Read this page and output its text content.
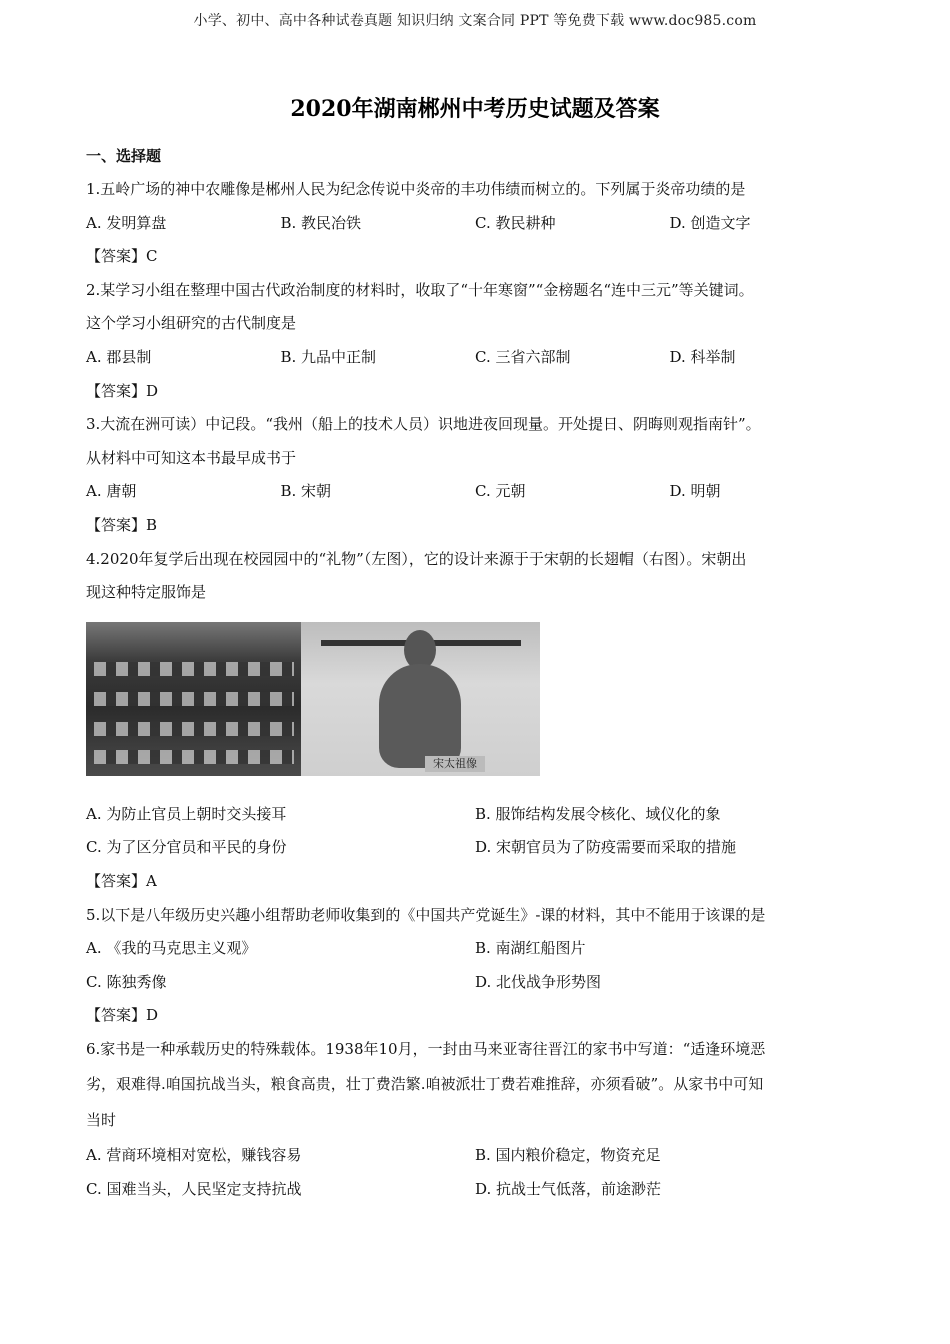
小学、初中、高中各种试卷真题 知识归纳 文案合同 PPT 等免费下载 www.doc985.com
2020年湖南郴州中考历史试题及答案
一、选择题
1.五岭广场的神中农雕像是郴州人民为纪念传说中炎帝的丰功伟绩而树立的。下列属于炎帝功绩的是
A. 发明算盘	B. 教民冶铁	C. 教民耕种	D. 创造文字
【答案】C
2.某学习小组在整理中国古代政治制度的材料时，收取了“十年寒窗”“金榜题名“连中三元”等关键词。
这个学习小组研究的古代制度是
A. 郡县制	B. 九品中正制	C. 三省六部制	D. 科举制
【答案】D
3.大流在洲可读）中记段。“我州（船上的技术人员）识地进夜回现量。开处提日、阴晦则观指南针”。
从材料中可知这本书最早成书于
A. 唐朝	B. 宋朝	C. 元朝	D. 明朝
【答案】B
4.2020年复学后出现在校园园中的“礼物”（左图），它的设计来源于于宋朝的长翅帽（右图）。宋朝出
现这种特定服饰是
宋太祖像
A. 为防止官员上朝时交头接耳	B. 服饰结构发展令核化、域仪化的象
C. 为了区分官员和平民的身份	D. 宋朝官员为了防疫需要而采取的措施
【答案】A
5.以下是八年级历史兴趣小组帮助老师收集到的《中国共产党诞生》-课的材料，其中不能用于该课的是
A. 《我的马克思主义观》	B. 南湖红船图片
C. 陈独秀像	D. 北伐战争形势图
【答案】D
6.家书是一种承载历史的特殊载体。1938年10月，一封由马来亚寄往晋江的家书中写道：“适逢环境恶
劣，艰难得.咱国抗战当头，粮食高贵，壮丁费浩繁.咱被派壮丁费若难推辞，亦须看破”。从家书中可知
当时
A. 营商环境相对宽松，赚钱容易	B. 国内粮价稳定，物资充足
C. 国难当头，人民坚定支持抗战	D. 抗战士气低落，前途渺茫
